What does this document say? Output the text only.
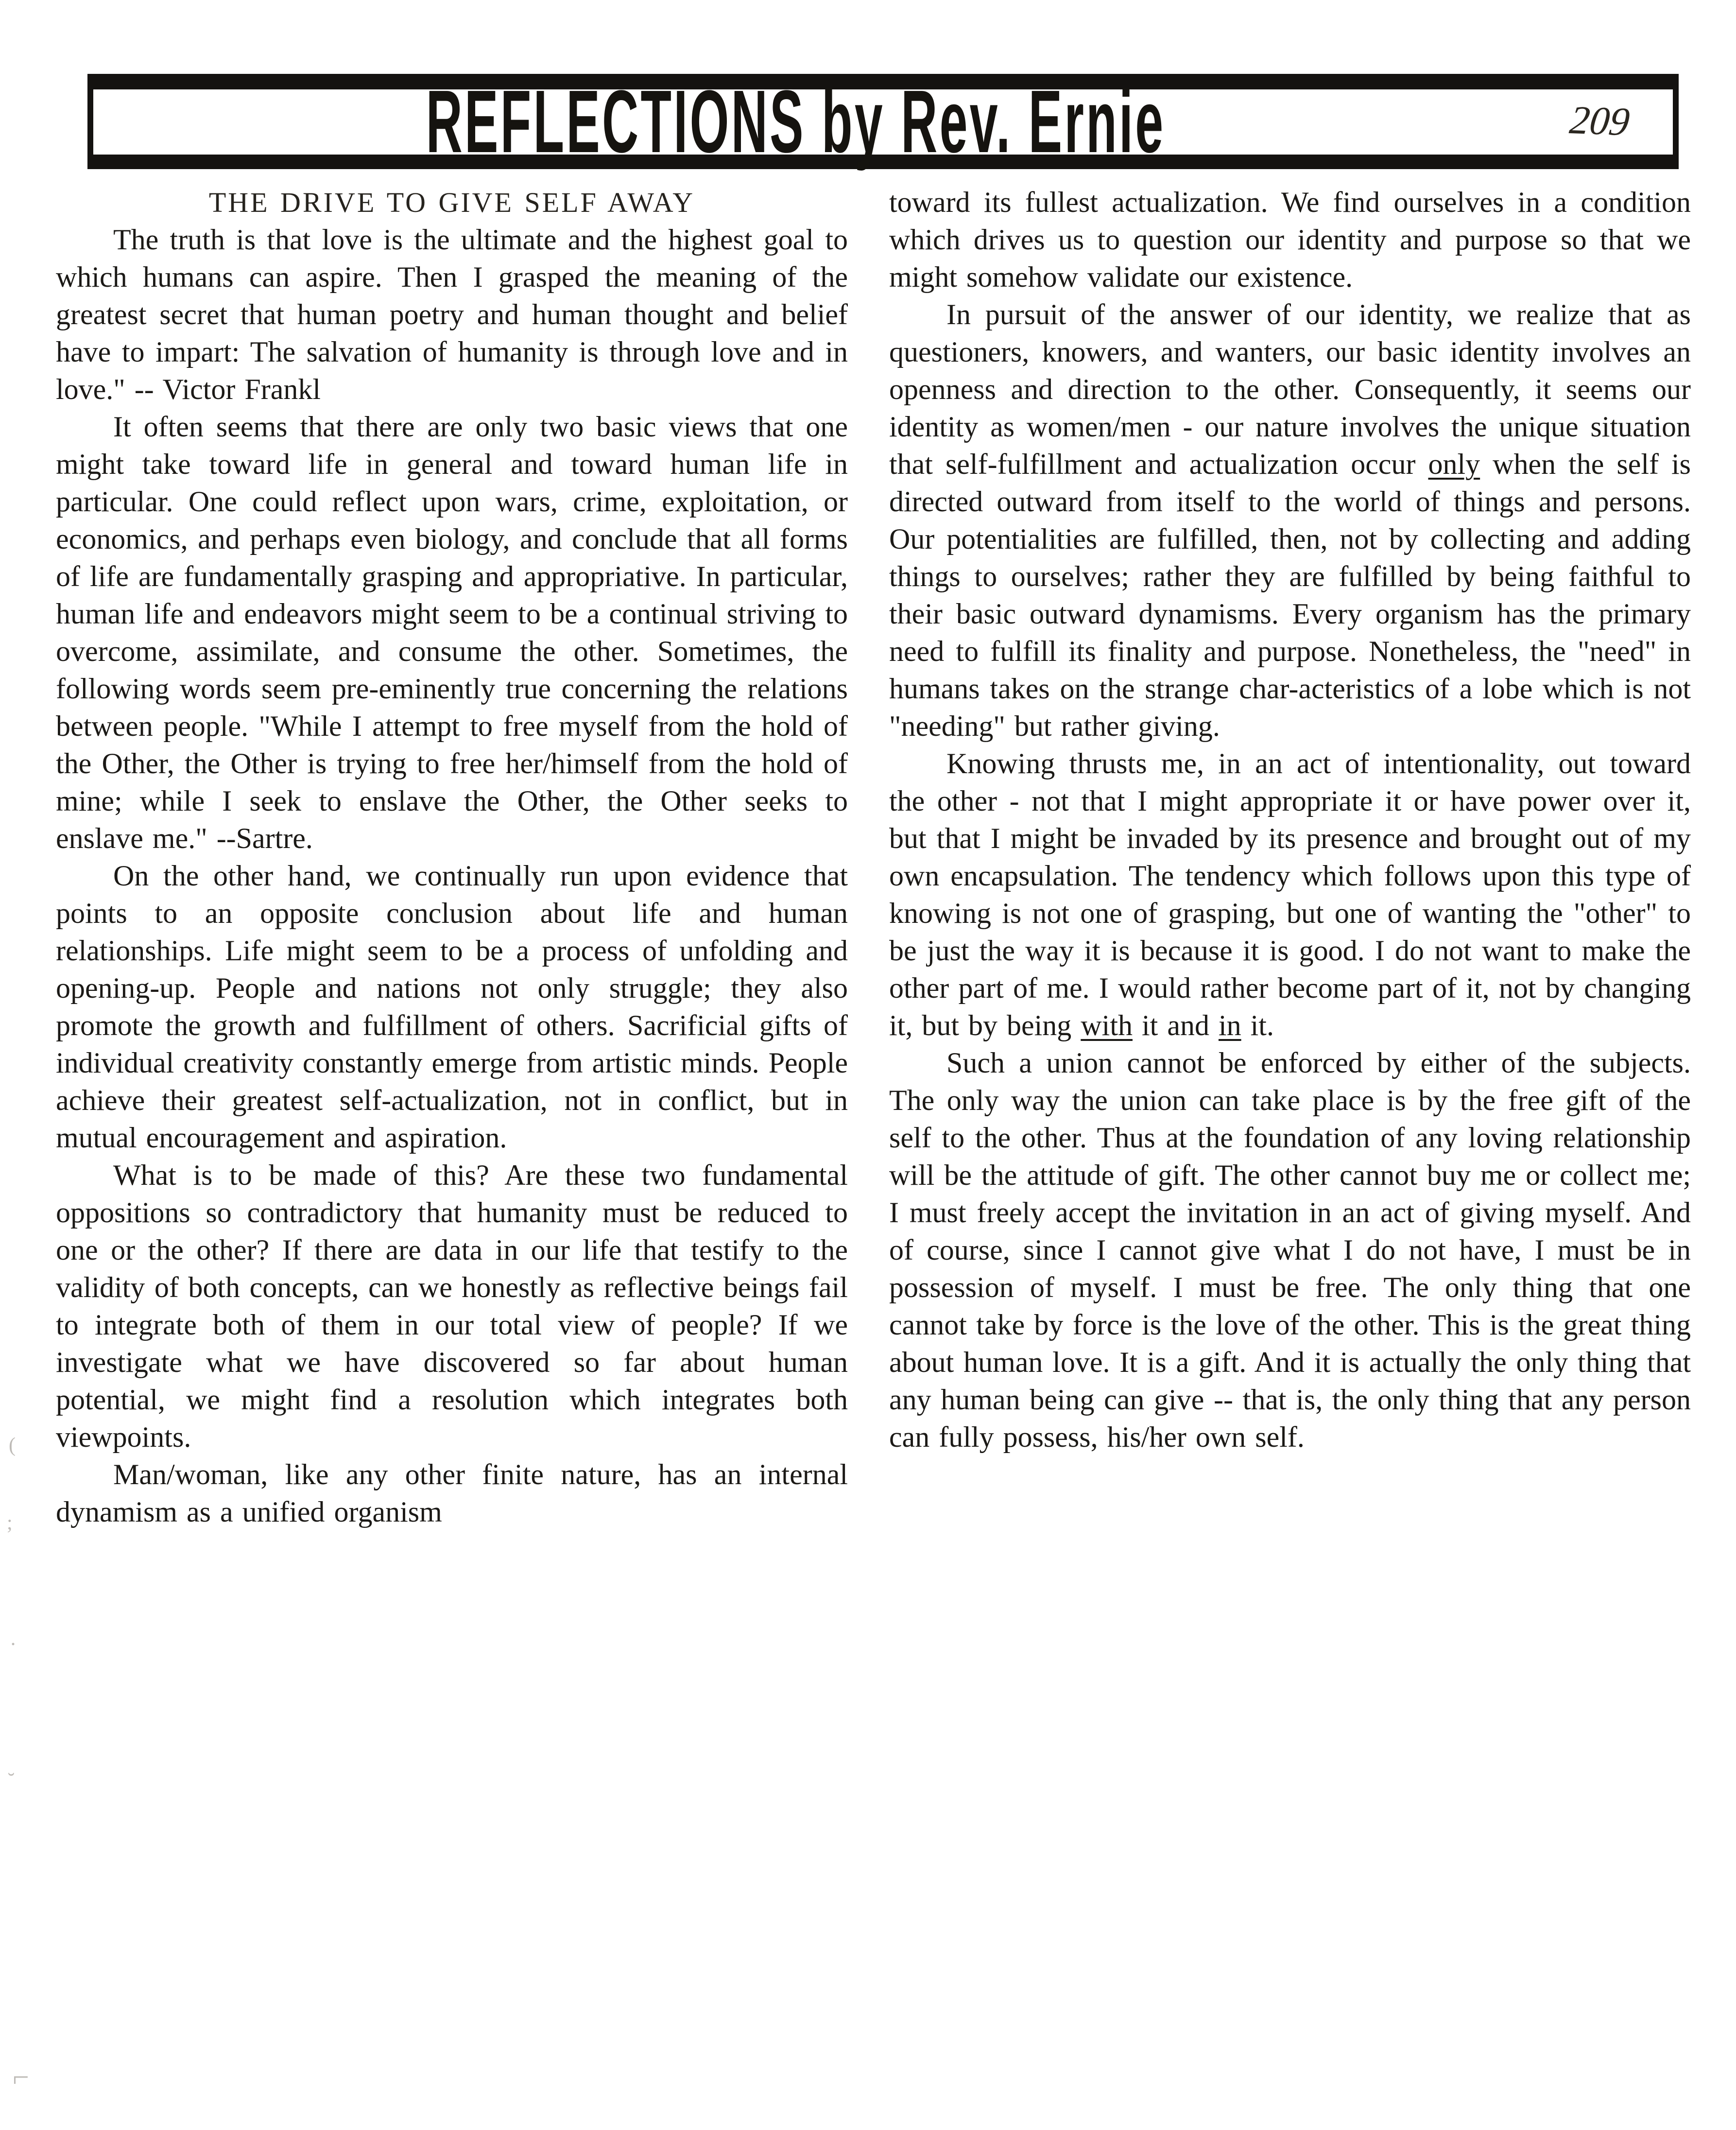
REFLECTIONS by Rev. Ernie	209

THE DRIVE TO GIVE SELF AWAY

The truth is that love is the ultimate and the highest goal to which humans can aspire. Then I grasped the meaning of the greatest secret that human poetry and human thought and belief have to impart: The salvation of humanity is through love and in love." -- Victor Frankl

It often seems that there are only two basic views that one might take toward life in general and toward human life in particular. One could reflect upon wars, crime, exploitation, or economics, and perhaps even biology, and conclude that all forms of life are fundamentally grasping and appropriative. In particular, human life and endeavors might seem to be a continual striving to overcome, assimilate, and consume the other. Sometimes, the following words seem pre-eminently true concerning the relations between people. "While I attempt to free myself from the hold of the Other, the Other is trying to free her/himself from the hold of mine; while I seek to enslave the Other, the Other seeks to enslave me." --Sartre.

On the other hand, we continually run upon evidence that points to an opposite conclusion about life and human relationships. Life might seem to be a process of unfolding and opening-up. People and nations not only struggle; they also promote the growth and fulfillment of others. Sacrificial gifts of individual creativity constantly emerge from artistic minds. People achieve their greatest self-actualization, not in conflict, but in mutual encouragement and aspiration.

What is to be made of this? Are these two fundamental oppositions so contradictory that humanity must be reduced to one or the other? If there are data in our life that testify to the validity of both concepts, can we honestly as reflective beings fail to integrate both of them in our total view of people? If we investigate what we have discovered so far about human potential, we might find a resolution which integrates both viewpoints.

Man/woman, like any other finite nature, has an internal dynamism as a unified organism

toward its fullest actualization. We find ourselves in a condition which drives us to question our identity and purpose so that we might somehow validate our existence.

In pursuit of the answer of our identity, we realize that as questioners, knowers, and wanters, our basic identity involves an openness and direction to the other. Consequently, it seems our identity as women/men - our nature involves the unique situation that self-fulfillment and actualization occur only when the self is directed outward from itself to the world of things and persons. Our potentialities are fulfilled, then, not by collecting and adding things to ourselves; rather they are fulfilled by being faithful to their basic outward dynamisms. Every organism has the primary need to fulfill its finality and purpose. Nonetheless, the "need" in humans takes on the strange char-acteristics of a lobe which is not "needing" but rather giving.

Knowing thrusts me, in an act of intentionality, out toward the other - not that I might appropriate it or have power over it, but that I might be invaded by its presence and brought out of my own encapsulation. The tendency which follows upon this type of knowing is not one of grasping, but one of wanting the "other" to be just the way it is because it is good. I do not want to make the other part of me. I would rather become part of it, not by changing it, but by being with it and in it.

Such a union cannot be enforced by either of the subjects. The only way the union can take place is by the free gift of the self to the other. Thus at the foundation of any loving relationship will be the attitude of gift. The other cannot buy me or collect me; I must freely accept the invitation in an act of giving myself. And of course, since I cannot give what I do not have, I must be in possession of myself. I must be free. The only thing that one cannot take by force is the love of the other. This is the great thing about human love. It is a gift. And it is actually the only thing that any human being can give -- that is, the only thing that any person can fully possess, his/her own self.

(
;
·
˘
⌐
